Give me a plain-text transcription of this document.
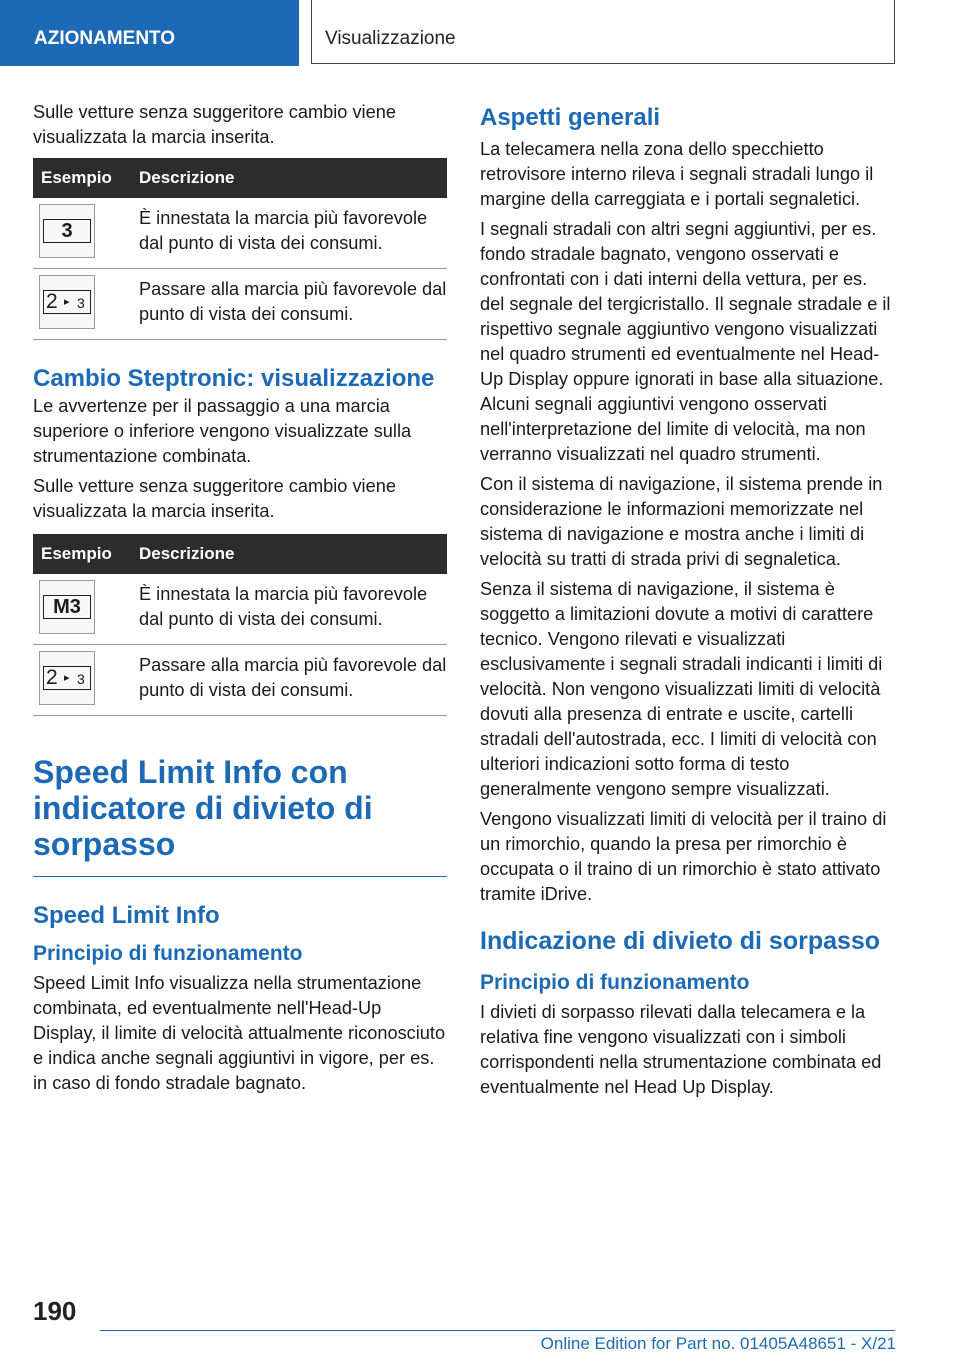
AZIONAMENTO	Visualizzazione

Sulle vetture senza suggeritore cambio viene visualizzata la marcia inserita.

Esempio	Descrizione

3	È innestata la marcia più favorevole dal punto di vista dei consumi.

2 ▸ 3	Passare alla marcia più favorevole dal punto di vista dei consumi.
Cambio Steptronic: visualizzazione

Le avvertenze per il passaggio a una marcia superiore o inferiore vengono visualizzate sulla strumentazione combinata.

Sulle vetture senza suggeritore cambio viene visualizzata la marcia inserita.

Esempio	Descrizione

M3	È innestata la marcia più favorevole dal punto di vista dei consumi.

2 ▸ 3	Passare alla marcia più favorevole dal punto di vista dei consumi.
Speed Limit Info con indicatore di divieto di sorpasso
Speed Limit Info
Principio di funzionamento

Speed Limit Info visualizza nella strumentazione combinata, ed eventualmente nell'Head-Up Display, il limite di velocità attualmente riconosciuto e indica anche segnali aggiuntivi in vigore, per es. in caso di fondo stradale bagnato.

Aspetti generali

La telecamera nella zona dello specchietto retrovisore interno rileva i segnali stradali lungo il margine della carreggiata e i portali segnaletici.

I segnali stradali con altri segni aggiuntivi, per es. fondo stradale bagnato, vengono osservati e confrontati con i dati interni della vettura, per es. del segnale del tergicristallo. Il segnale stradale e il rispettivo segnale aggiuntivo vengono visualizzati nel quadro strumenti ed eventualmente nel Head-Up Display oppure ignorati in base alla situazione. Alcuni segnali aggiuntivi vengono osservati nell'interpretazione del limite di velocità, ma non verranno visualizzati nel quadro strumenti.

Con il sistema di navigazione, il sistema prende in considerazione le informazioni memorizzate nel sistema di navigazione e mostra anche i limiti di velocità su tratti di strada privi di segnaletica.

Senza il sistema di navigazione, il sistema è soggetto a limitazioni dovute a motivi di carattere tecnico. Vengono rilevati e visualizzati esclusivamente i segnali stradali indicanti i limiti di velocità. Non vengono visualizzati limiti di velocità dovuti alla presenza di entrate e uscite, cartelli stradali dell'autostrada, ecc. I limiti di velocità con ulteriori indicazioni sotto forma di testo generalmente vengono sempre visualizzati.

Vengono visualizzati limiti di velocità per il traino di un rimorchio, quando la presa per rimorchio è occupata o il traino di un rimorchio è stato attivato tramite iDrive.

Indicazione di divieto di sorpasso
Principio di funzionamento

I divieti di sorpasso rilevati dalla telecamera e la relativa fine vengono visualizzati con i simboli corrispondenti nella strumentazione combinata ed eventualmente nel Head Up Display.

190
Online Edition for Part no. 01405A48651 - X/21
